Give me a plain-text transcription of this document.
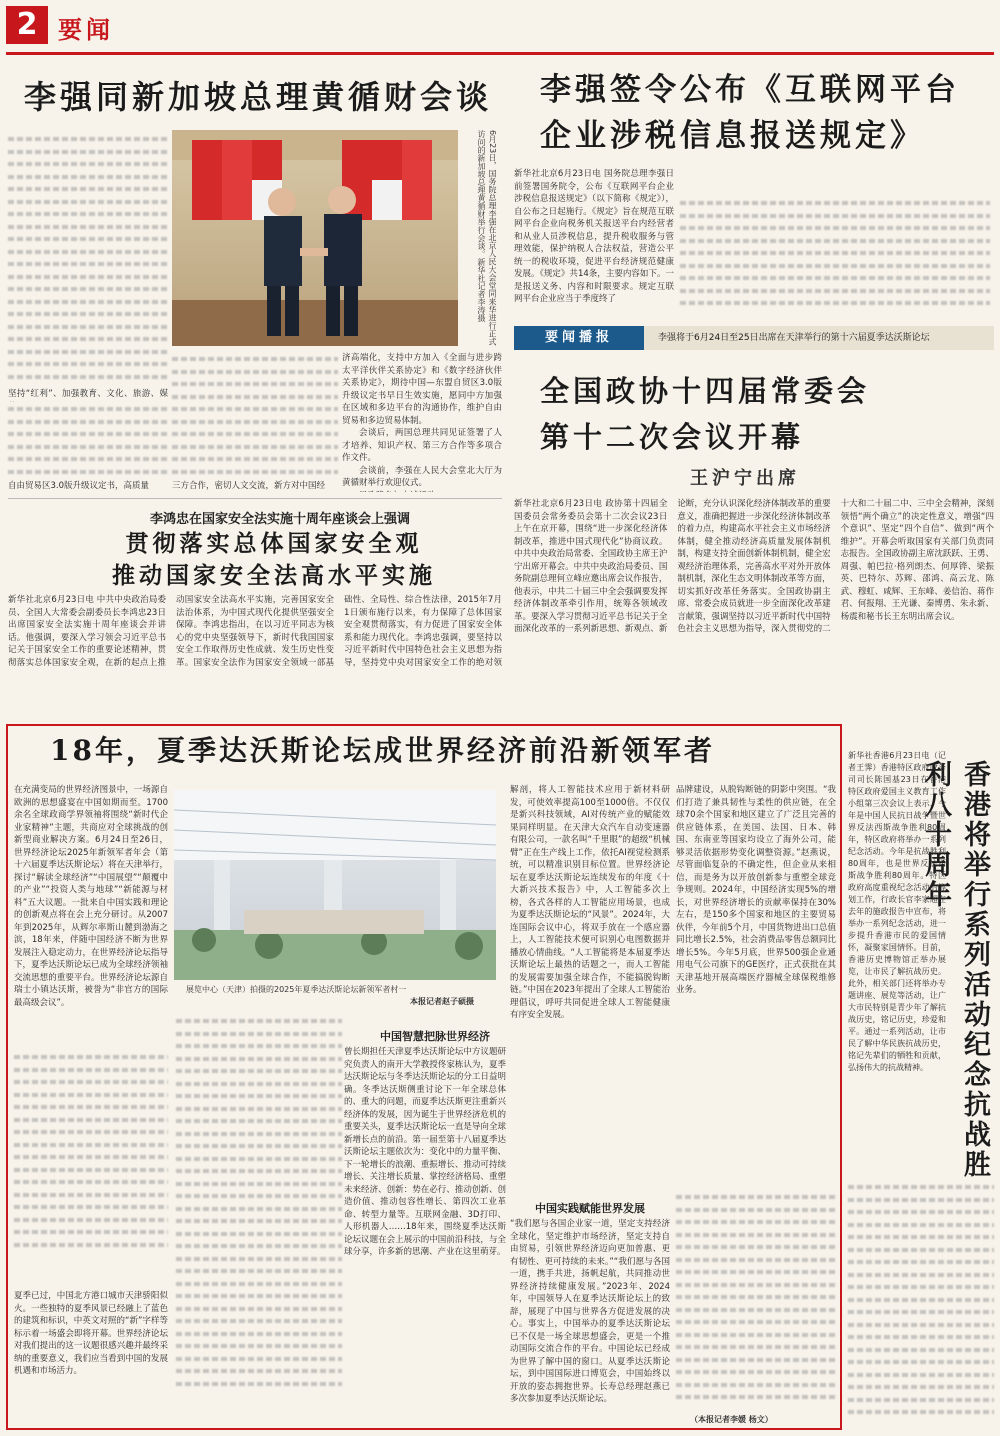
2 要闻
李强同新加坡总理黄循财会谈
6月23日，国务院总理李强在北京人民大会堂同来华进行正式访问的新加坡总理黄循财举行会谈。新华社记者李涛摄
坚持“红利”、加强教育、文化、旅游、媒
自由贸易区3.0版升级议定书，高质量	三方合作，密切人文交流，新方对中国经
济高端化，支持中方加入《全面与进步跨太平洋伙伴关系协定》和《数字经济伙伴关系协定》，期待中国—东盟自贸区3.0版升级议定书早日生效实施，愿同中方加强在区域和多边平台的沟通协作，维护自由贸易和多边贸易体制。
会谈后，两国总理共同见证签署了人才培养、知识产权、第三方合作等多项合作文件。
会谈前，李强在人民大会堂北大厅为黄循财举行欢迎仪式。
李强签令公布《互联网平台
企业涉税信息报送规定》
新华社北京6月23日电 国务院总理李强日前签署国务院令，公布《互联网平台企业涉税信息报送规定》（以下简称《规定》），自公布之日起施行。《规定》旨在规范互联网平台企业向税务机关报送平台内经营者和从业人员涉税信息，提升税收服务与管理效能，保护纳税人合法权益，营造公平统一的税收环境，促进平台经济规范健康发展。《规定》共14条，主要内容如下。一是报送义务、内容和时限要求。规定互联网平台企业应当于季度终了
要闻播报	李强将于6月24日至25日出席在天津举行的第十六届夏季达沃斯论坛
全国政协十四届常委会
第十二次会议开幕
王沪宁出席
新华社北京6月23日电 政协第十四届全国委员会常务委员会第十二次会议23日上午在京开幕，围绕“进一步深化经济体制改革，推进中国式现代化”协商议政。中共中央政治局常委、全国政协主席王沪宁出席开幕会。中共中央政治局委员、国务院副总理何立峰应邀出席会议作报告，他表示，中共二十届三中全会强调要发挥经济体制改革牵引作用，统筹各领域改革。要深入学习贯彻习近平总书记关于全面深化改革的一系列新思想、新观点、新论断，充分认识深化经济体制改革的重要意义，准确把握进一步深化经济体制改革的着力点，构建高水平社会主义市场经济体制，健全推动经济高质量发展体制机制，构建支持全面创新体制机制，健全宏观经济治理体系，完善高水平对外开放体制机制，深化生态文明体制改革等方面，切实抓好改革任务落实。全国政协副主席、常委会成员就进一步全面深化改革建言献策，强调坚持以习近平新时代中国特色社会主义思想为指导，深入贯彻党的二十大和二十届二中、三中全会精神，深刻领悟“两个确立”的决定性意义，增强“四个意识”、坚定“四个自信”、做到“两个维护”。开幕会听取国家有关部门负责同志报告。全国政协副主席沈跃跃、王勇、周强、帕巴拉·格列朗杰、何厚铧、梁振英、巴特尔、苏辉、邵鸿、高云龙、陈武、穆虹、咸辉、王东峰、姜信治、蒋作君、何报翔、王光谦、秦博勇、朱永新、杨震和秘书长王东明出席会议。
李鸿忠在国家安全法实施十周年座谈会上强调
贯彻落实总体国家安全观
推动国家安全法高水平实施
新华社北京6月23日电 中共中央政治局委员、全国人大常委会副委员长李鸿忠23日出席国家安全法实施十周年座谈会并讲话。他强调，要深入学习领会习近平总书记关于国家安全工作的重要论述精神，贯彻落实总体国家安全观，在新的起点上推动国家安全法高水平实施，完善国家安全法治体系，为中国式现代化提供坚强安全保障。李鸿忠指出，在以习近平同志为核心的党中央坚强领导下，新时代我国国家安全工作取得历史性成就、发生历史性变革。国家安全法作为国家安全领域一部基础性、全局性、综合性法律，2015年7月1日颁布施行以来，有力保障了总体国家安全观贯彻落实，有力促进了国家安全体系和能力现代化。李鸿忠强调，要坚持以习近平新时代中国特色社会主义思想为指导，坚持党中央对国家安全工作的绝对领
18年，夏季达沃斯论坛成世界经济前沿新领军者
在充满变局的世界经济图景中，一场源自欧洲的思想盛宴在中国如期而至。1700余名全球政商学界领袖将围绕“新时代企业家精神”主题，共商应对全球挑战的创新型商业解决方案。6月24日至26日，世界经济论坛2025年新领军者年会（第十六届夏季达沃斯论坛）将在天津举行，探讨“解读全球经济”“中国展望”“颠覆中的产业”“投资人类与地球”“新能源与材料”五大议题。一批来自中国实践和理论的创新观点将在会上充分研讨。从2007年到2025年，从辉尔率斯山麓到渤海之滨，18年来，伴随中国经济不断为世界发展注入稳定动力，在世界经济论坛指导下，夏季达沃斯论坛已成为全球经济领袖交流思想的重要平台。世界经济论坛源自瑞士小镇达沃斯，被誉为“非官方的国际最高级会议”。
展览中心（天津）拍摄的2025年夏季达沃斯论坛新领军者村一
本报记者赵子硕摄
夏季已过，中国北方港口城市天津骄阳似火。一些独特的夏季风景已经融上了蓝色的建筑和标识，中英文对照的“新”字样等标示着一场盛会即将开幕。世界经济论坛对我们提出的这一议题很感兴趣并最终采纳的重要意义，我们应当看到中国的发展机遇和市场活力。
中国智慧把脉世界经济
曾长期担任天津夏季达沃斯论坛中方议题研究负责人的南开大学教授佟家栋认为，夏季达沃斯论坛与冬季达沃斯论坛的分工日益明确。冬季达沃斯侧重讨论下一年全球总体的、重大的问题，而夏季达沃斯更注重新兴经济体的发展，因为诞生于世界经济危机的重要关头，夏季达沃斯论坛一直是导向全球新增长点的前沿。第一届至第十八届夏季达沃斯论坛主题依次为：变化中的力量平衡、下一轮增长的浪潮、重振增长、推动可持续增长、关注增长质量、掌控经济格局、重塑未来经济、创新：势在必行、推动创新、创造价值、推动包容性增长、第四次工业革命、转型力量等。互联网金融、3D打印、人形机器人……18年来，围绕夏季达沃斯论坛议题在会上展示的中国前沿科技，与全球分享，许多新的思潮、产业在这里萌芽。
解剖，将人工智能技术应用于新材料研发，可使效率提高100至1000倍。不仅仅是新兴科技领域，AI对传统产业的赋能效果同样明显。在天津大众汽车自动变速器有限公司，一款名叫“千里眼”的超级“机械臂”正在生产线上工作，依托AI视觉检测系统，可以精准识别目标位置。世界经济论坛在夏季达沃斯论坛连续发布的年度《十大新兴技术报告》中，人工智能多次上榜，各式各样的人工智能应用场景，也成为夏季达沃斯论坛的“风景”。2024年，大连国际会议中心，将双手放在一个感应器上，人工智能技术便可识别心电图数据并播放心情曲线。“人工智能将是本届夏季达沃斯论坛上最热的话题之一，而人工智能的发展需要加强全球合作，不能搞脱钩断链。”中国在2023年提出了全球人工智能治理倡议，呼吁共同促进全球人工智能健康有序安全发展。
中国实践赋能世界发展
“我们愿与各国企业家一道，坚定支持经济全球化，坚定维护市场经济，坚定支持自由贸易，引领世界经济迈向更加普惠、更有韧性、更可持续的未来。”“我们愿与各国一道，携手共进，扬帆起航，共同推动世界经济持续健康发展。”2023年、2024年，中国领导人在夏季达沃斯论坛上的致辞，展现了中国与世界各方促进发展的决心。事实上，中国举办的夏季达沃斯论坛已不仅是一场全球思想盛会，更是一个推动国际交流合作的平台。中国论坛已经成为世界了解中国的窗口。从夏季达沃斯论坛，到中国国际进口博览会，中国始终以开放的姿态拥抱世界。长寿总经理赵燕已多次参加夏季达沃斯论坛。
品牌建设，从脱钩断链的阴影中突围。“我们打造了兼具韧性与柔性的供应链，在全球70余个国家和地区建立了广泛且完善的供应链体系，在美国、法国、日本、韩国、东南亚等国家均设立了海外公司，能够灵活依据形势变化调整资源。”赵燕说，尽管面临复杂的不确定性，但企业从来相信，而是务为以开放创新参与重塑全球竞争规则。2024年，中国经济实现5%的增长，对世界经济增长的贡献率保持在30%左右，是150多个国家和地区的主要贸易伙伴，今年前5个月，中国货物进出口总值同比增长2.5%，社会消费品零售总额同比增长5%。今年5月底，世界500强企业通用电气公司旗下的GE医疗，正式获批在其天津基地开展高端医疗器械全球保税维修业务。
（本报记者李媛 杨文）
香港将举行系列活动纪念抗战胜利八十周年
新华社香港6月23日电（记者王霁）香港特区政府政务司司长陈国基23日在香港特区政府爱国主义教育工作小组第三次会议上表示，今年是中国人民抗日战争暨世界反法西斯战争胜利80周年，特区政府将举办一系列纪念活动。今年是抗战胜利80周年，也是世界反法西斯战争胜利80周年。特区政府高度重视纪念活动的筹划工作，行政长官李家超在去年的施政报告中宣布，将举办一系列纪念活动，进一步提升香港市民的爱国情怀，凝聚家国情怀。目前，香港历史博物馆正举办展览，让市民了解抗战历史。此外，相关部门还将举办专题讲座、展览等活动，让广大市民特别是青少年了解抗战历史，铭记历史，珍爱和平。通过一系列活动，让市民了解中华民族抗战历史，铭记先辈们的牺牲和贡献，弘扬伟大的抗战精神。
